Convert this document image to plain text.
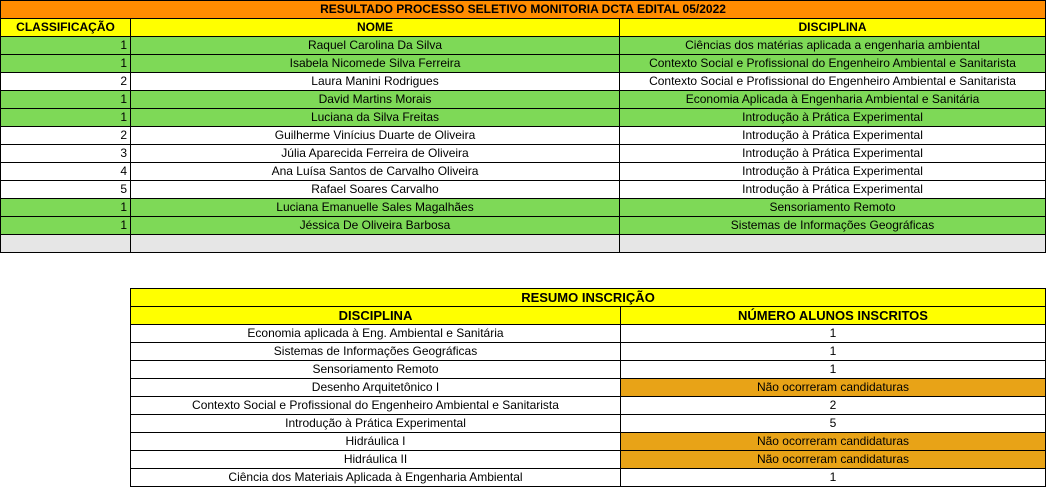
RESULTADO PROCESSO SELETIVO MONITORIA DCTA EDITAL 05/2022		
CLASSIFICAÇÃO	NOME	DISCIPLINA
1	Raquel Carolina Da Silva	Ciências dos matérias aplicada a engenharia ambiental
1	Isabela Nicomede Silva Ferreira	Contexto Social e Profissional do Engenheiro Ambiental e Sanitarista
2	Laura Manini Rodrigues	Contexto Social e Profissional do Engenheiro Ambiental e Sanitarista
1	David Martins Morais	Economia Aplicada à Engenharia Ambiental e Sanitária
1	Luciana da Silva Freitas	Introdução à Prática Experimental
2	Guilherme Vinícius Duarte de Oliveira	Introdução à Prática Experimental
3	Júlia Aparecida Ferreira de Oliveira	Introdução à Prática Experimental
4	Ana Luísa Santos de Carvalho Oliveira	Introdução à Prática Experimental
5	Rafael Soares Carvalho	Introdução à Prática Experimental
1	Luciana Emanuelle Sales Magalhães	Sensoriamento Remoto
1	Jéssica De Oliveira Barbosa	Sistemas de Informações Geográficas

RESUMO INSCRIÇÃO	
DISCIPLINA	NÚMERO ALUNOS INSCRITOS
Economia aplicada à Eng. Ambiental e Sanitária	1
Sistemas de Informações Geográficas	1
Sensoriamento Remoto	1
Desenho Arquitetônico I	Não ocorreram candidaturas
Contexto Social e Profissional do Engenheiro Ambiental e Sanitarista	2
Introdução à Prática Experimental	5
Hidráulica I	Não ocorreram candidaturas
Hidráulica II	Não ocorreram candidaturas
Ciência dos Materiais Aplicada à Engenharia Ambiental	1
